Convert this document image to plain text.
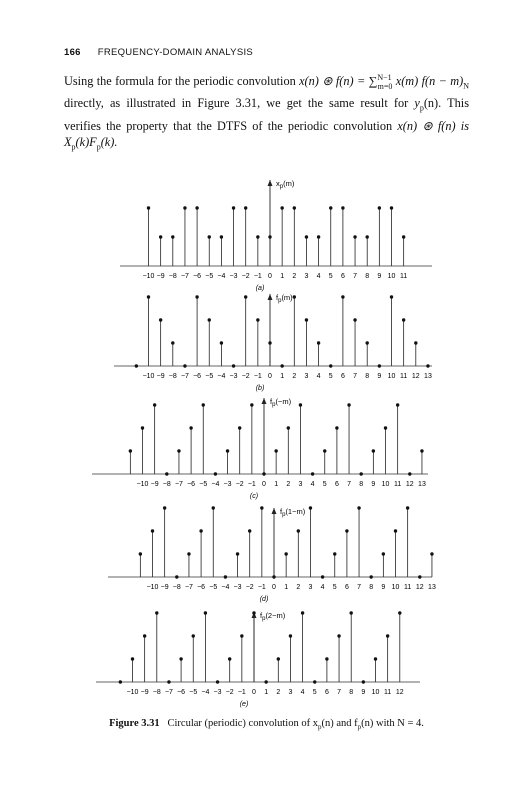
166 FREQUENCY-DOMAIN ANALYSIS
Using the formula for the periodic convolution x(n) ⊛ f(n) = ∑$^{N-1}_{m=0}$ x(m) $f(n - m)_N$ directly, as illustrated in Figure 3.31, we get the same result for $y_p(n)$. This verifies the property that the DTFS of the periodic convolution x(n) ⊛ f(n) is $X_p(k)F_p(k)$.
$x_p(m)$
−10 −9 −8 −7 −6 −5 −4 −3 −2 −1 0 1 2 3 4 5 6 7 8 9 10 11
(a)
$f_p(m)$
−10 −9 −8 −7 −6 −5 −4 −3 −2 −1 0 1 2 3 4 5 6 7 8 9 10 11 12 13
(b)
$f_p(-m)$
−10 −9 −8 −7 −6 −5 −4 −3 −2 −1 0 1 2 3 4 5 6 7 8 9 10 11 12 13
(c)
$f_p(1-m)$
−10 −9 −8 −7 −6 −5 −4 −3 −2 −1 0 1 2 3 4 5 6 7 8 9 10 11 12 13
(d)
$f_p(2-m)$
−10 −9 −8 −7 −6 −5 −4 −3 −2 −1 0 1 2 3 4 5 6 7 8 9 10 11 12
(e)
Figure 3.31 Circular (periodic) convolution of $x_p(n)$ and $f_p(n)$ with N = 4.
